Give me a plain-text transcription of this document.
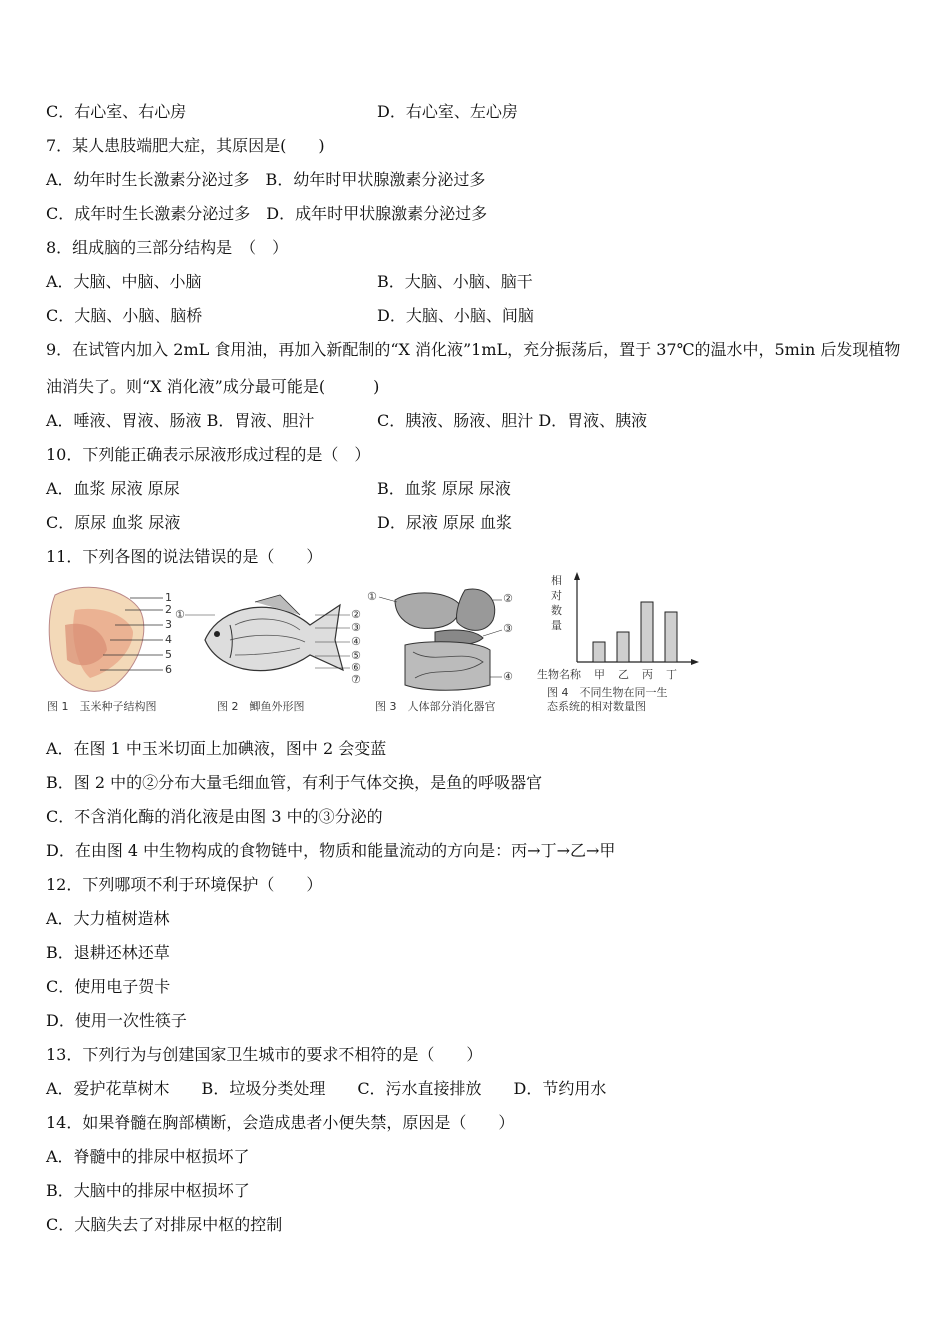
C．右心室、右心房	D．右心室、左心房
7．某人患肢端肥大症，其原因是(　　)
A．幼年时生长激素分泌过多　B．幼年时甲状腺激素分泌过多
C．成年时生长激素分泌过多　D．成年时甲状腺激素分泌过多
8．组成脑的三部分结构是　（　）
A．大脑、中脑、小脑	B．大脑、小脑、脑干
C．大脑、小脑、脑桥	D．大脑、小脑、间脑
9．在试管内加入 2mL 食用油，再加入新配制的“X 消化液”1mL，充分振荡后，置于 37℃的温水中，5min 后发现植物
油消失了。则“X 消化液”成分最可能是(　　　)
A．唾液、胃液、肠液 B．胃液、胆汁	C．胰液、肠液、胆汁 D．胃液、胰液
10．下列能正确表示尿液形成过程的是（　）
A．血浆 尿液 原尿	B．血浆 原尿 尿液
C．原尿 血浆 尿液	D．尿液 原尿 血浆
11．下列各图的说法错误的是（　　）
1
2
3
4
5
6
图 1　玉米种子结构图
①	②
③
④
⑤
⑥
⑦
图 2　鲫鱼外形图
①	②
③
④
图 3　人体部分消化器官
相
对
数
量
生物名称 甲 乙 丙 丁
图 4　不同生物在同一生
态系统的相对数量图
A．在图 1 中玉米切面上加碘液，图中 2 会变蓝
B．图 2 中的②分布大量毛细血管，有利于气体交换，是鱼的呼吸器官
C．不含消化酶的消化液是由图 3 中的③分泌的
D．在由图 4 中生物构成的食物链中，物质和能量流动的方向是：丙→丁→乙→甲
12．下列哪项不利于环境保护（　　）
A．大力植树造林
B．退耕还林还草
C．使用电子贺卡
D．使用一次性筷子
13．下列行为与创建国家卫生城市的要求不相符的是（　　）
A．爱护花草树木　　B．垃圾分类处理　　C．污水直接排放　　D．节约用水
14．如果脊髓在胸部横断，会造成患者小便失禁，原因是（　　）
A．脊髓中的排尿中枢损坏了
B．大脑中的排尿中枢损坏了
C．大脑失去了对排尿中枢的控制
